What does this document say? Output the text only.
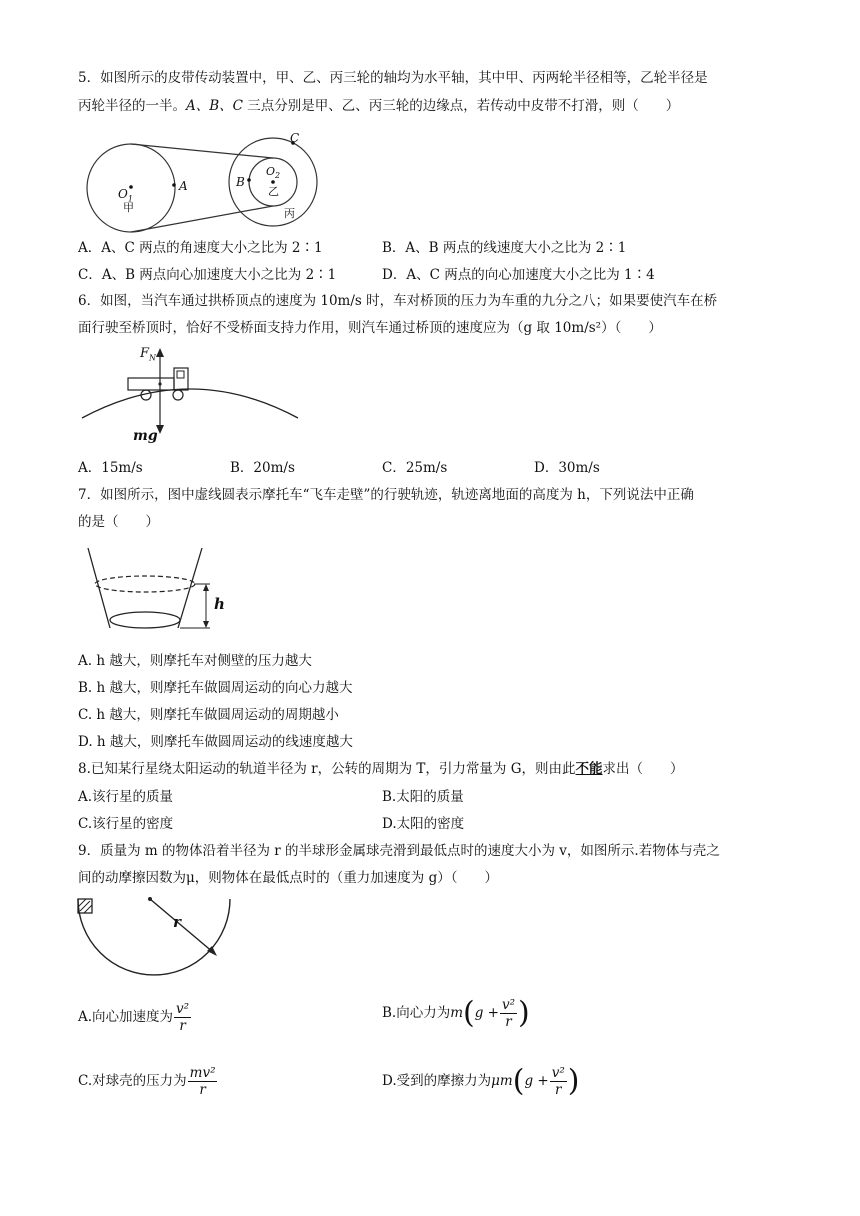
5．如图所示的皮带传动装置中，甲、乙、丙三轮的轴均为水平轴，其中甲、丙两轮半径相等，乙轮半径是
丙轮半径的一半。A、B、C 三点分别是甲、乙、丙三轮的边缘点，若传动中皮带不打滑，则（　　）
C
$O_1$
A
甲
B
$O_2$
乙
丙
A．A、C 两点的角速度大小之比为 2∶1	B．A、B 两点的线速度大小之比为 2∶1
C．A、B 两点向心加速度大小之比为 2∶1	D．A、C 两点的向心加速度大小之比为 1∶4
6．如图，当汽车通过拱桥顶点的速度为 10m/s 时，车对桥顶的压力为车重的九分之八；如果要使汽车在桥
面行驶至桥顶时，恰好不受桥面支持力作用，则汽车通过桥顶的速度应为（g 取 10m/s²）（　　）
$F_N$
mg
A．15m/s	B．20m/s	C．25m/s	D．30m/s
7．如图所示，图中虚线圆表示摩托车“飞车走壁”的行驶轨迹，轨迹离地面的高度为 h，下列说法中正确
的是（　　）
h
A. h 越大，则摩托车对侧壁的压力越大
B. h 越大，则摩托车做圆周运动的向心力越大
C. h 越大，则摩托车做圆周运动的周期越小
D. h 越大，则摩托车做圆周运动的线速度越大
8.已知某行星绕太阳运动的轨道半径为 r，公转的周期为 T，引力常量为 G，则由此不能求出（　　）
A.该行星的质量	B.太阳的质量
C.该行星的密度	D.太阳的密度
9．质量为 m 的物体沿着半径为 r 的半球形金属球壳滑到最低点时的速度大小为 v，如图所示.若物体与壳之
间的动摩擦因数为μ，则物体在最低点时的（重力加速度为 g）（　　）
r
A.向心加速度为 $\frac{\text{v²}}{r}$	B.向心力为$m(g + \frac{\text{v²}}{r}$ )
C.对球壳的压力为 $\frac{\text{mv²}}{r}$	D.受到的摩擦力为$\mu m(g + \frac{\text{v²}}{r}$ )
